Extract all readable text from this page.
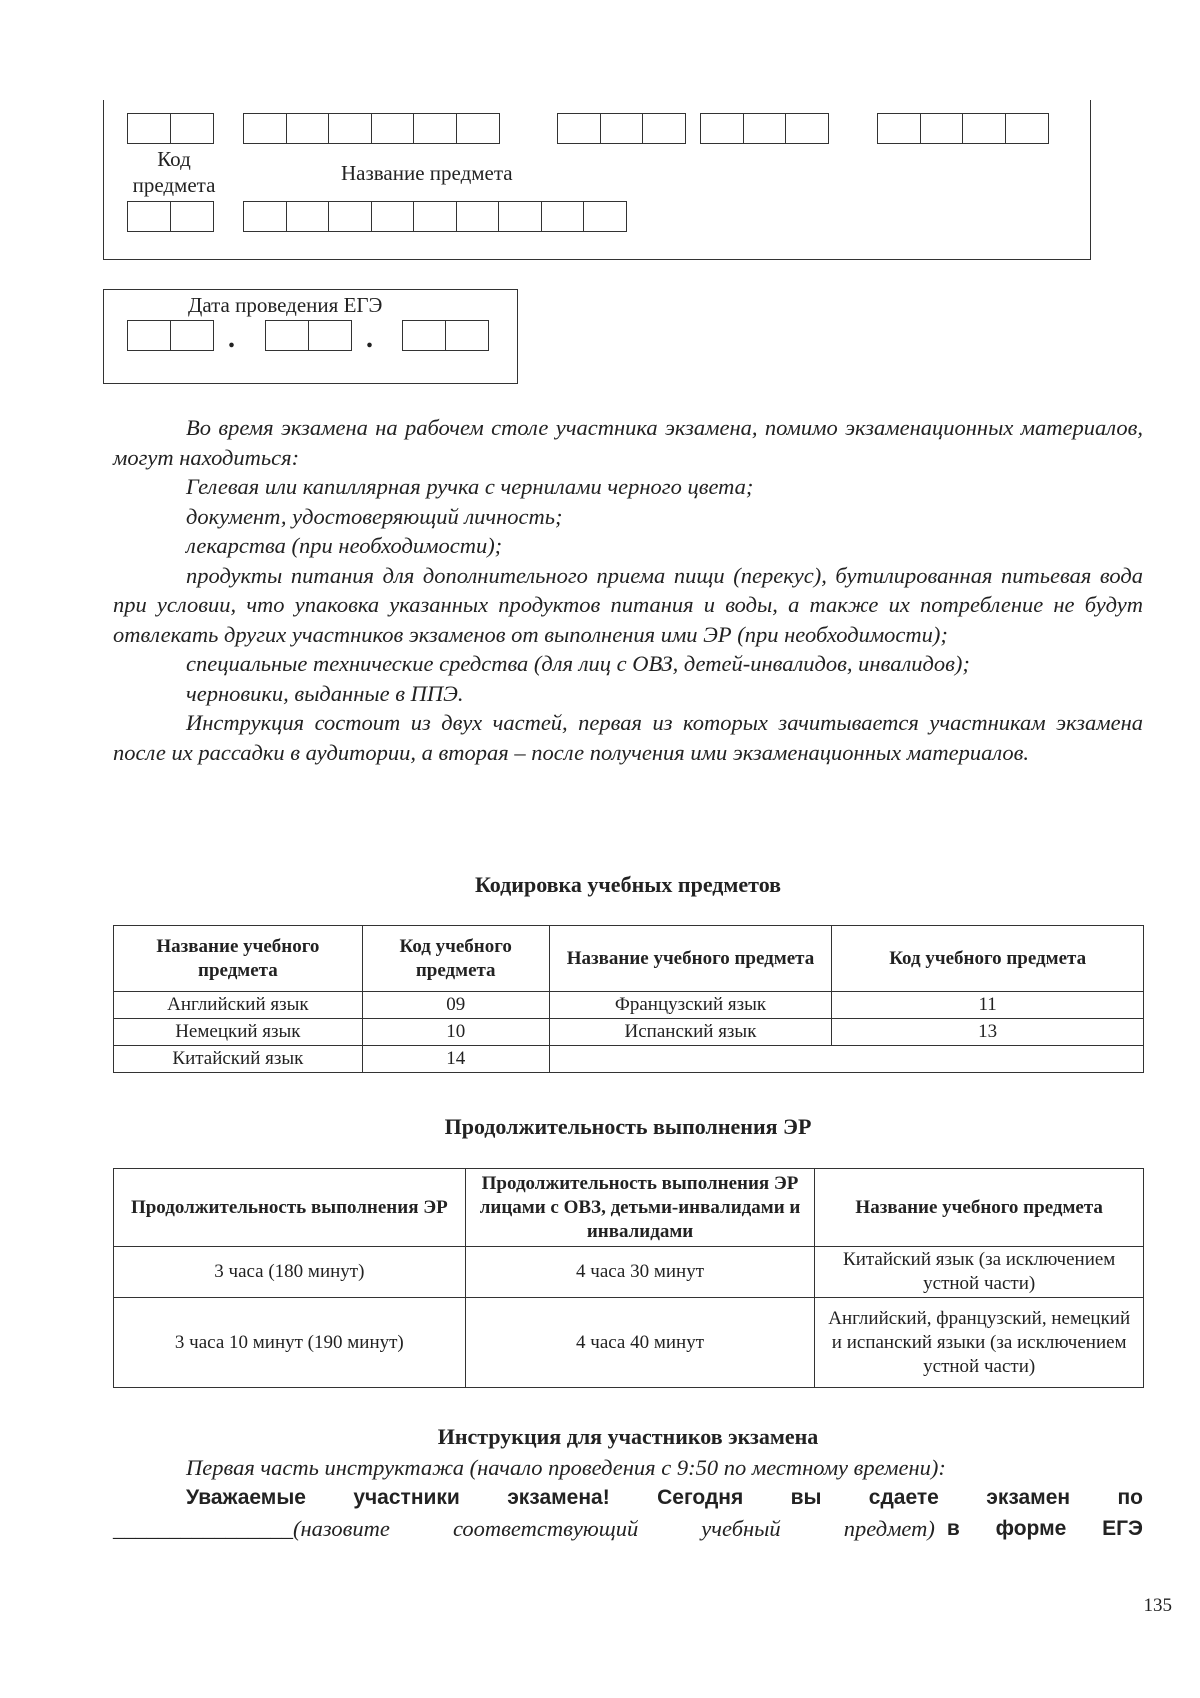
Код предмета	Название предмета
Дата проведения ЕГЭ
.	.

Во время экзамена на рабочем столе участника экзамена, помимо экзаменационных материалов, могут находиться:

Гелевая или капиллярная ручка с чернилами черного цвета;

документ, удостоверяющий личность;

лекарства (при необходимости);

продукты питания для дополнительного приема пищи (перекус), бутилированная питьевая вода при условии, что упаковка указанных продуктов питания и воды, а также их потребление не будут отвлекать других участников экзаменов от выполнения ими ЭР (при необходимости);

специальные технические средства (для лиц с ОВЗ, детей-инвалидов, инвалидов);

черновики, выданные в ППЭ.

Инструкция состоит из двух частей, первая из которых зачитывается участникам экзамена после их рассадки в аудитории, а вторая – после получения ими экзаменационных материалов.

Кодировка учебных предметов
Название учебного предмета	Код учебного предмета	Название учебного предмета	Код учебного предмета
Английский язык	09	Французский язык	11
Немецкий язык	10	Испанский язык	13
Китайский язык	14		
Продолжительность выполнения ЭР
Продолжительность выполнения ЭР	Продолжительность выполнения ЭР лицами с ОВЗ, детьми-инвалидами и инвалидами	Название учебного предмета
3 часа (180 минут)	4 часа 30 минут	Китайский язык (за исключением устной части)
3 часа 10 минут (190 минут)	4 часа 40 минут	Английский, французский, немецкий и испанский языки (за исключением устной части)
Инструкция для участников экзамена

Первая часть инструктажа (начало проведения с 9:50 по местному времени):

Уважаемые участники экзамена! Сегодня вы сдаете экзамен по
________________ (назовите соответствующий учебный предмет) в форме ЕГЭ
135
